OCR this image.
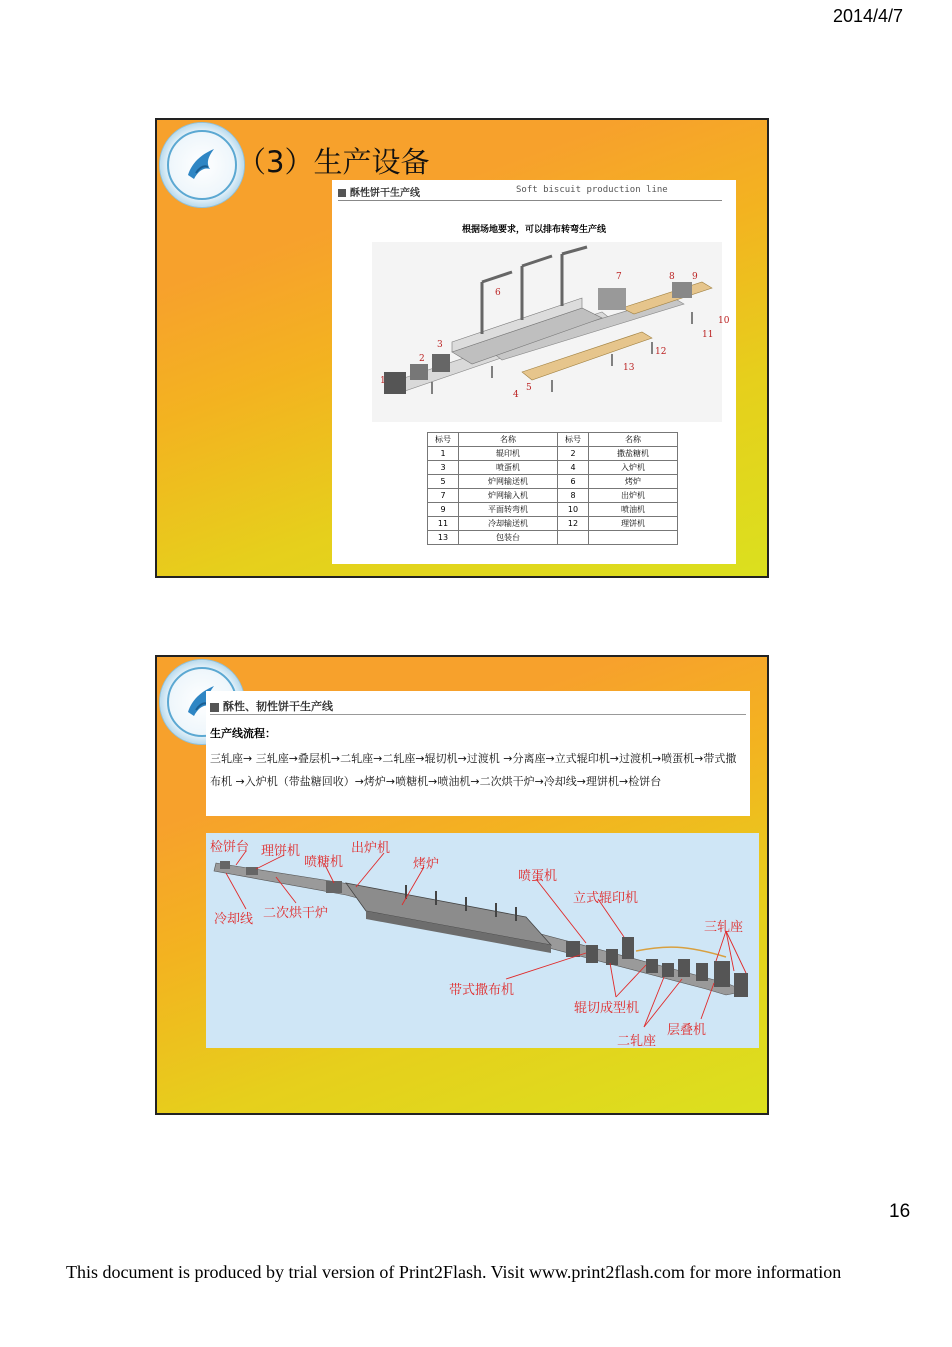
2014/4/7
（3）生产设备
酥性饼干生产线	Soft biscuit production line
根据场地要求，可以排布转弯生产线
1
2
3
4
5
6
7	8 9
10
11
12
13
标号	名称	标号	名称
1	辊印机	2	撒盐糖机
3	喷蛋机	4	入炉机
5	炉网输送机	6	烤炉
7	炉网输入机	8	出炉机
9	平面转弯机	10	喷油机
11	冷却输送机	12	理饼机
13	包装台		
酥性、韧性饼干生产线
生产线流程：
三轧座→ 三轧座→叠层机→二轧座→二轧座→辊切机→过渡机 →分离座→立式辊印机→过渡机→喷蛋机→带式撒布机 →入炉机（带盐糖回收）→烤炉→喷糖机→喷油机→二次烘干炉→冷却线→理饼机→检饼台
检饼台 理饼机
喷糖机
出炉机
烤炉
喷蛋机
立式辊印机
三轧座
冷却线 二次烘干炉
带式撒布机
辊切成型机
层叠机
二轧座
16
This document is produced by trial version of Print2Flash. Visit www.print2flash.com for more information
